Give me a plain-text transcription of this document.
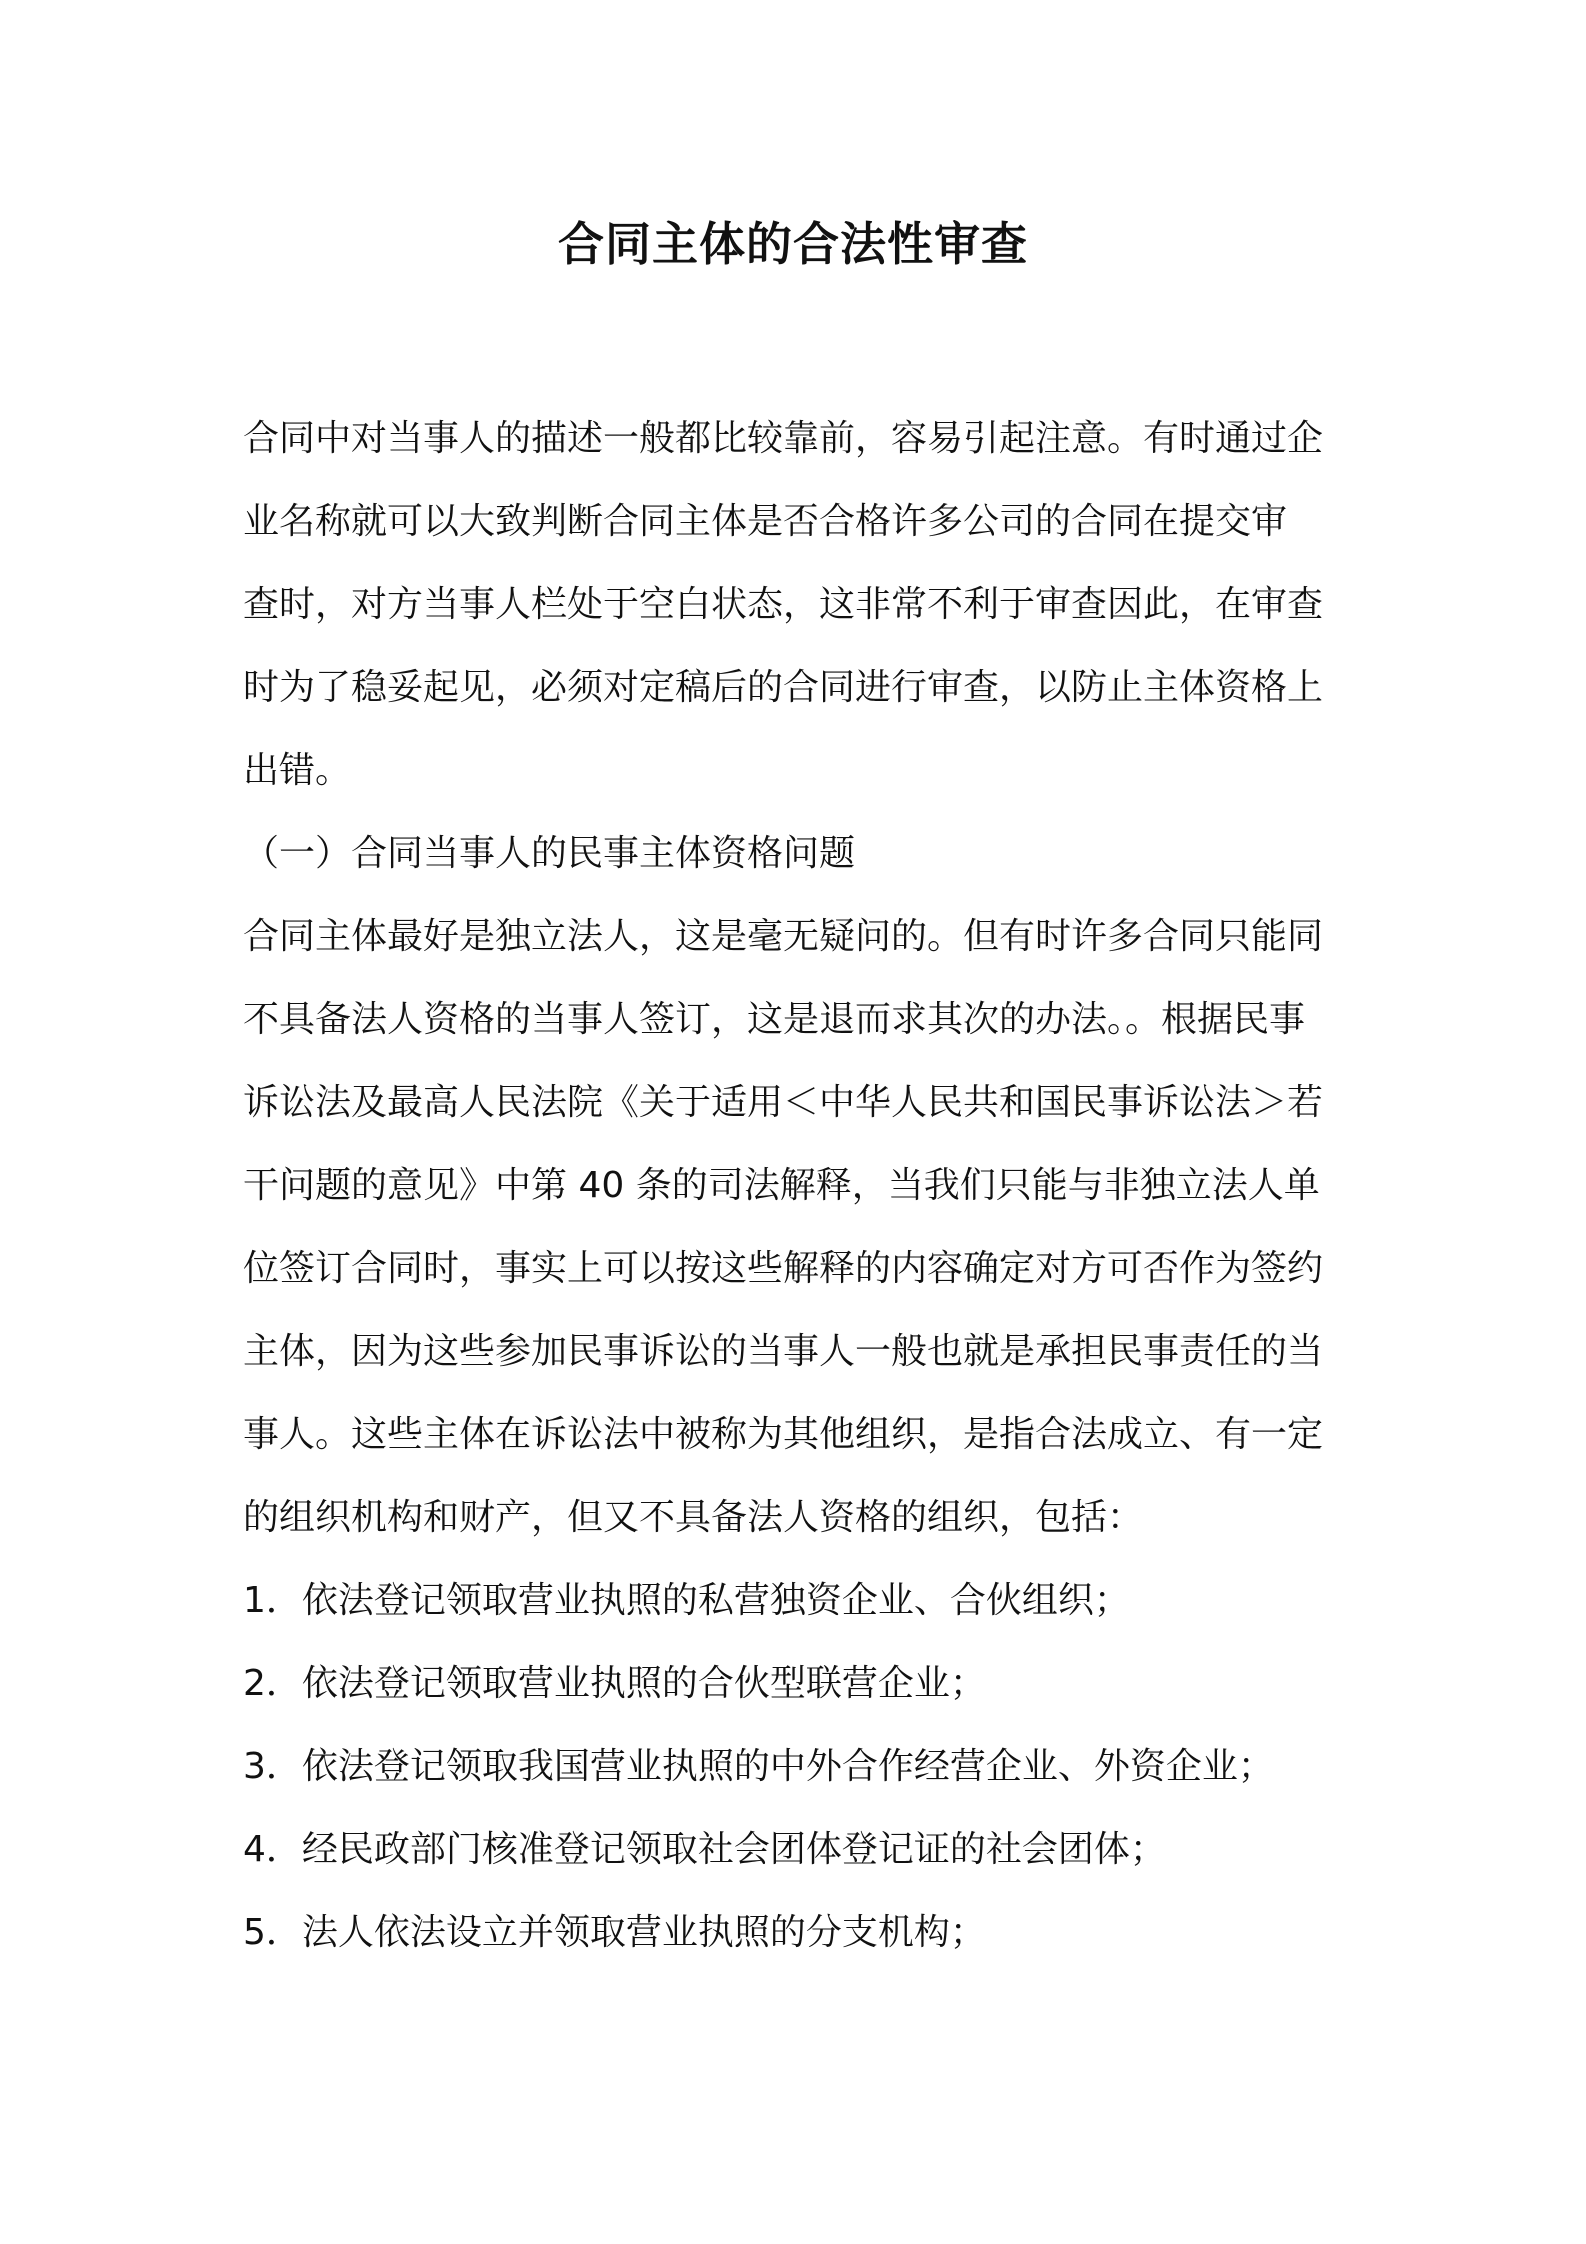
合同主体的合法性审查

合同中对当事人的描述一般都比较靠前，容易引起注意。有时通过企

业名称就可以大致判断合同主体是否合格许多公司的合同在提交审

查时，对方当事人栏处于空白状态，这非常不利于审查因此，在审查

时为了稳妥起见，必须对定稿后的合同进行审查，以防止主体资格上

出错。

（一）合同当事人的民事主体资格问题

合同主体最好是独立法人，这是毫无疑问的。但有时许多合同只能同

不具备法人资格的当事人签订，这是退而求其次的办法。。根据民事

诉讼法及最高人民法院《关于适用＜中华人民共和国民事诉讼法＞若

干问题的意见》中第 40 条的司法解释，当我们只能与非独立法人单

位签订合同时，事实上可以按这些解释的内容确定对方可否作为签约

主体，因为这些参加民事诉讼的当事人一般也就是承担民事责任的当

事人。这些主体在诉讼法中被称为其他组织，是指合法成立、有一定

的组织机构和财产，但又不具备法人资格的组织，包括：

1．依法登记领取营业执照的私营独资企业、合伙组织；

2．依法登记领取营业执照的合伙型联营企业；

3．依法登记领取我国营业执照的中外合作经营企业、外资企业；

4．经民政部门核准登记领取社会团体登记证的社会团体；

5．法人依法设立并领取营业执照的分支机构；
